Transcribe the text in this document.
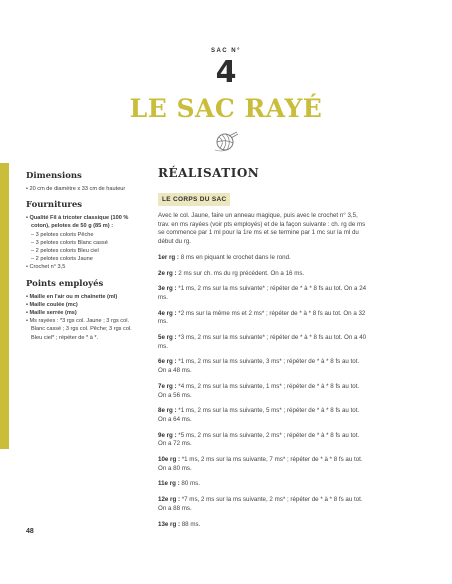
SAC N°
4
LE SAC RAYÉ
Dimensions
• 20 cm de diamètre x 33 cm de hauteur
Fournitures
• Qualité Fil à tricoter classique (100 % coton), pelotes de 50 g (85 m) :
– 3 pelotes coloris Pêche
– 3 pelotes coloris Blanc cassé
– 2 pelotes coloris Bleu ciel
– 2 pelotes coloris Jaune
• Crochet n° 3,5
Points employés
• Maille en l'air ou m chaînette (ml)
• Maille coulée (mc)
• Maille serrée (ms)
• Ms rayées : *3 rgs col. Jaune ; 3 rgs col. Blanc cassé ; 3 rgs col. Pêche; 3 rgs col. Bleu ciel* ; répéter de * à *.
RÉALISATION
LE CORPS DU SAC

Avec le col. Jaune, faire un anneau magique, puis avec le crochet n° 3,5, trav. en ms rayées (voir pts employés) et de la façon suivante : ch. rg de ms se commence par 1 ml pour la 1re ms et se termine par 1 mc sur la ml du début du rg.

1er rg : 8 ms en piquant le crochet dans le rond.

2e rg : 2 ms sur ch. ms du rg précédent. On a 16 ms.

3e rg : *1 ms, 2 ms sur la ms suivante* ; répéter de * à * 8 fs au tot. On a 24 ms.

4e rg : *2 ms sur la même ms et 2 ms* ; répéter de * à * 8 fs au tot. On a 32 ms.

5e rg : *3 ms, 2 ms sur la ms suivante* ; répéter de * à * 8 fs au tot. On a 40 ms.

6e rg : *1 ms, 2 ms sur la ms suivante, 3 ms* ; répéter de * à * 8 fs au tot. On a 48 ms.

7e rg : *4 ms, 2 ms sur la ms suivante, 1 ms* ; répéter de * à * 8 fs au tot. On a 56 ms.

8e rg : *1 ms, 2 ms sur la ms suivante, 5 ms* ; répéter de * à * 8 fs au tot. On a 64 ms.

9e rg : *5 ms, 2 ms sur la ms suivante, 2 ms* ; répéter de * à * 8 fs au tot. On a 72 ms.

10e rg : *1 ms, 2 ms sur la ms suivante, 7 ms* ; répéter de * à * 8 fs au tot. On a 80 ms.

11e rg : 80 ms.

12e rg : *7 ms, 2 ms sur la ms suivante, 2 ms* ; répéter de * à * 8 fs au tot. On a 88 ms.

13e rg : 88 ms.

48
